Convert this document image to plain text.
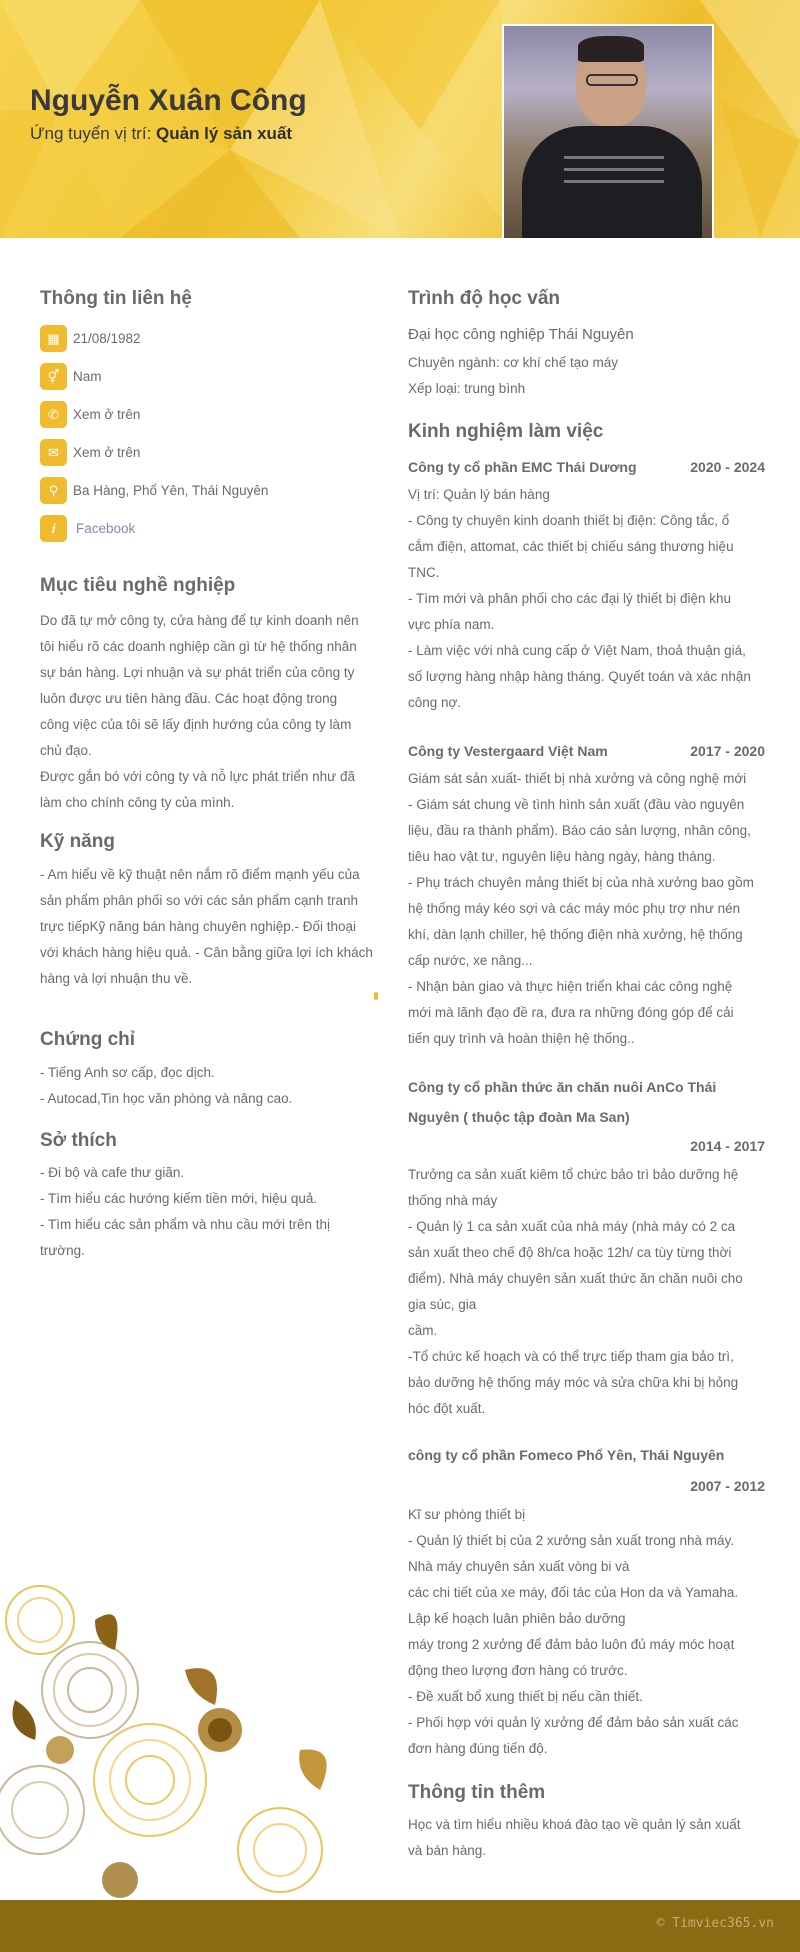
Nguyễn Xuân Công
Ứng tuyển vị trí: Quản lý sản xuất
Thông tin liên hệ
▦ 21/08/1982
⚥	Nam
✆	Xem ở trên
✉	Xem ở trên
⚲	Ba Hàng, Phổ Yên, Thái Nguyên
i	Facebook
Mục tiêu nghề nghiệp
Do đã tự mở công ty, cửa hàng để tự kinh doanh nên
tôi hiểu rõ các doanh nghiệp cần gì từ hệ thống nhân
sự bán hàng. Lợi nhuận và sự phát triển của công ty
luôn được ưu tiên hàng đầu. Các hoạt động trong
công việc của tôi sẽ lấy định hướng của công ty làm
chủ đạo.
Được gắn bó với công ty và nỗ lực phát triển như đã
làm cho chính công ty của mình.
Kỹ năng
- Am hiểu về kỹ thuật nên nắm rõ điểm mạnh yếu của
sản phẩm phân phối so với các sản phẩm cạnh tranh
trực tiếpKỹ năng bán hàng chuyên nghiệp.- Đối thoại
với khách hàng hiệu quả. - Cân bằng giữa lợi ích khách
hàng và lợi nhuận thu về.
Chứng chỉ
- Tiếng Anh sơ cấp, đọc dịch.
- Autocad,Tin học văn phòng và nâng cao.
Sở thích
- Đi bộ và cafe thư giãn.
- Tìm hiểu các hướng kiếm tiền mới, hiệu quả.
- Tìm hiểu các sản phẩm và nhu cầu mới trên thị
trường.
Trình độ học vấn
Đại học công nghiệp Thái Nguyên
Chuyên ngành: cơ khí chế tạo máy
Xếp loại: trung bình
Kinh nghiệm làm việc
Công ty cổ phần EMC Thái Dương	2020 - 2024
Vị trí: Quản lý bán hàng
- Công ty chuyên kinh doanh thiết bị điện: Công tắc, ổ
cắm điện, attomat, các thiết bị chiếu sáng thương hiệu
TNC.
- Tìm mới và phân phối cho các đại lý thiết bị điện khu
vực phía nam.
- Làm việc với nhà cung cấp ở Việt Nam, thoả thuận giá,
số lượng hàng nhập hàng tháng. Quyết toán và xác nhận
công nợ.
Công ty Vestergaard Việt Nam	2017 - 2020
Giám sát sản xuất- thiết bị nhà xưởng và công nghệ mới
- Giám sát chung về tình hình sản xuất (đầu vào nguyên
liệu, đầu ra thành phẩm). Báo cáo sản lượng, nhân công,
tiêu hao vật tư, nguyên liệu hàng ngày, hàng tháng.
- Phụ trách chuyên mảng thiết bị của nhà xưởng bao gồm
hệ thống máy kéo sợi và các máy móc phụ trợ như nén
khí, dàn lạnh chiller, hệ thống điện nhà xưởng, hệ thống
cấp nước, xe nâng...
- Nhận bàn giao và thực hiện triển khai các công nghệ
mới mà lãnh đạo đề ra, đưa ra những đóng góp để cải
tiến quy trình và hoàn thiện hệ thống..
Công ty cổ phần thức ăn chăn nuôi AnCo Thái
Nguyên ( thuộc tập đoàn Ma San)
2014 - 2017
Trưởng ca sản xuất kiêm tổ chức bảo trì bảo dưỡng hệ
thống nhà máy
- Quản lý 1 ca sản xuất của nhà máy (nhà máy có 2 ca
sản xuất theo chế độ 8h/ca hoặc 12h/ ca tùy từng thời
điểm). Nhà máy chuyên sản xuất thức ăn chăn nuôi cho
gia súc, gia
cầm.
-Tổ chức kế hoạch và có thể trực tiếp tham gia bảo trì,
bảo dưỡng hệ thống máy móc và sửa chữa khi bị hỏng
hóc đột xuất.
công ty cổ phần Fomeco Phổ Yên, Thái Nguyên
2007 - 2012
Kĩ sư phòng thiết bị
- Quản lý thiết bị của 2 xưởng sản xuất trong nhà máy.
Nhà máy chuyên sản xuất vòng bi và
các chi tiết của xe máy, đối tác của Hon da và Yamaha.
Lập kế hoạch luân phiên bảo dưỡng
máy trong 2 xưởng để đảm bảo luôn đủ máy móc hoạt
động theo lượng đơn hàng có trước.
- Đề xuất bổ xung thiết bị nếu cần thiết.
- Phối hợp với quản lý xưởng để đảm bảo sản xuất các
đơn hàng đúng tiến độ.
Thông tin thêm
Học và tìm hiểu nhiều khoá đào tạo về quản lý sản xuất
và bán hàng.
© Timviec365.vn
